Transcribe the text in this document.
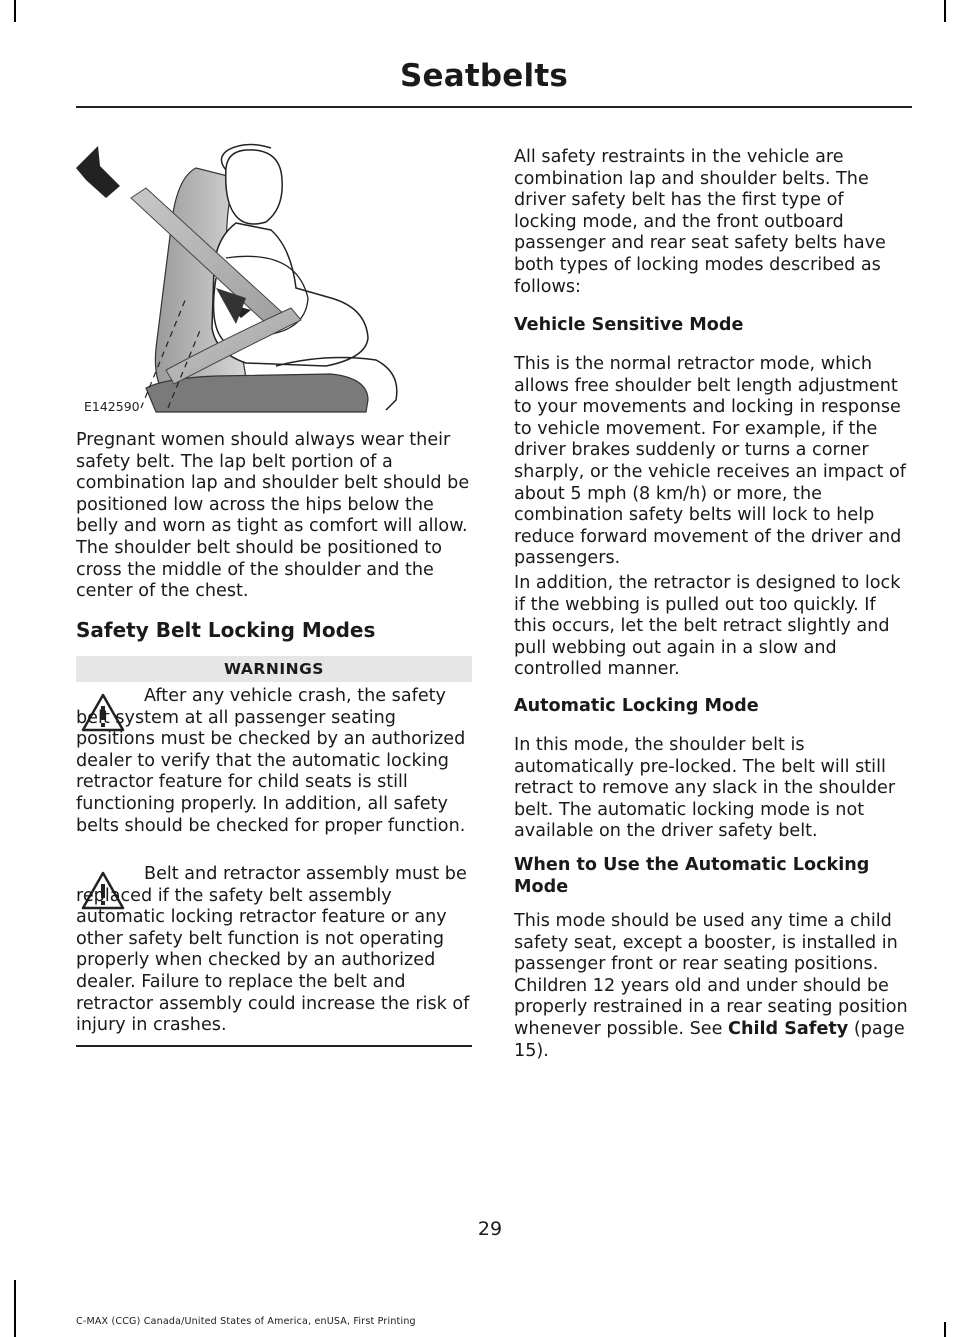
Seatbelts
E142590

Pregnant women should always wear their safety belt. The lap belt portion of a combination lap and shoulder belt should be positioned low across the hips below the belly and worn as tight as comfort will allow. The shoulder belt should be positioned to cross the middle of the shoulder and the center of the chest.

Safety Belt Locking Modes
WARNINGS

After any vehicle crash, the safety belt system at all passenger seating positions must be checked by an authorized dealer to verify that the automatic locking retractor feature for child seats is still functioning properly. In addition, all safety belts should be checked for proper function.

Belt and retractor assembly must be replaced if the safety belt assembly automatic locking retractor feature or any other safety belt function is not operating properly when checked by an authorized dealer. Failure to replace the belt and retractor assembly could increase the risk of injury in crashes.

All safety restraints in the vehicle are combination lap and shoulder belts. The driver safety belt has the first type of locking mode, and the front outboard passenger and rear seat safety belts have both types of locking modes described as follows:

Vehicle Sensitive Mode

This is the normal retractor mode, which allows free shoulder belt length adjustment to your movements and locking in response to vehicle movement. For example, if the driver brakes suddenly or turns a corner sharply, or the vehicle receives an impact of about 5 mph (8 km/h) or more, the combination safety belts will lock to help reduce forward movement of the driver and passengers.

In addition, the retractor is designed to lock if the webbing is pulled out too quickly. If this occurs, let the belt retract slightly and pull webbing out again in a slow and controlled manner.

Automatic Locking Mode

In this mode, the shoulder belt is automatically pre-locked. The belt will still retract to remove any slack in the shoulder belt. The automatic locking mode is not available on the driver safety belt.

When to Use the Automatic Locking Mode

This mode should be used any time a child safety seat, except a booster, is installed in passenger front or rear seating positions. Children 12 years old and under should be properly restrained in a rear seating position whenever possible. See Child Safety (page 15).

29
C-MAX (CCG) Canada/United States of America, enUSA, First Printing
